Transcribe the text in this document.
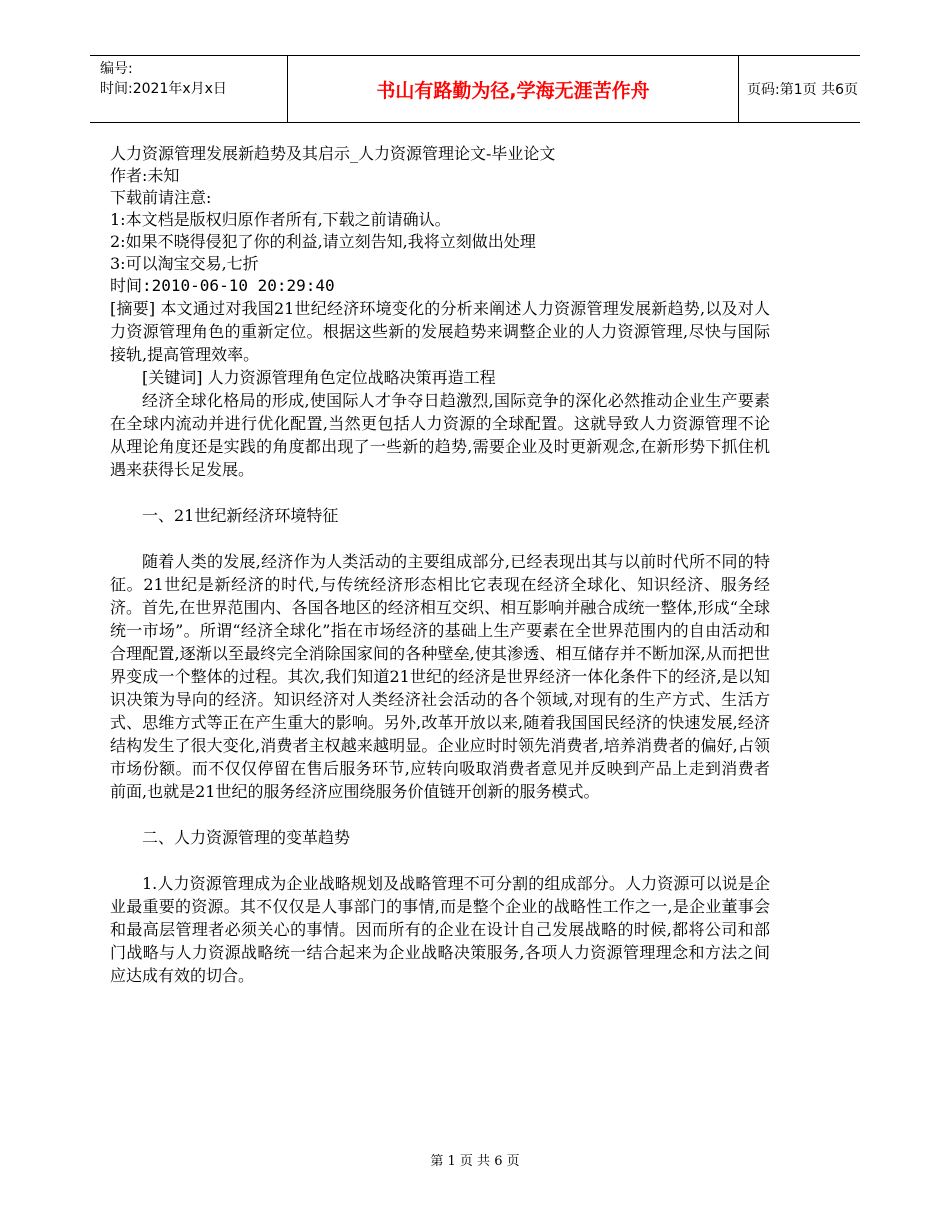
编号:
时间:2021年x月x日	书山有路勤为径,学海无涯苦作舟	页码:第1页 共6页
人力资源管理发展新趋势及其启示_人力资源管理论文-毕业论文
作者:未知
下载前请注意:
1:本文档是版权归原作者所有,下载之前请确认。
2:如果不晓得侵犯了你的利益,请立刻告知,我将立刻做出处理
3:可以淘宝交易,七折
时间:2010-06-10 20:29:40
[摘要] 本文通过对我国21世纪经济环境变化的分析来阐述人力资源管理发展新趋势,以及对人力资源管理角色的重新定位。根据这些新的发展趋势来调整企业的人力资源管理,尽快与国际接轨,提高管理效率。
[关键词] 人力资源管理角色定位战略决策再造工程
经济全球化格局的形成,使国际人才争夺日趋激烈,国际竞争的深化必然推动企业生产要素在全球内流动并进行优化配置,当然更包括人力资源的全球配置。这就导致人力资源管理不论从理论角度还是实践的角度都出现了一些新的趋势,需要企业及时更新观念,在新形势下抓住机遇来获得长足发展。
一、21世纪新经济环境特征
随着人类的发展,经济作为人类活动的主要组成部分,已经表现出其与以前时代所不同的特征。21世纪是新经济的时代,与传统经济形态相比它表现在经济全球化、知识经济、服务经济。首先,在世界范围内、各国各地区的经济相互交织、相互影响并融合成统一整体,形成“全球统一市场”。所谓“经济全球化”指在市场经济的基础上生产要素在全世界范围内的自由活动和合理配置,逐渐以至最终完全消除国家间的各种壁垒,使其渗透、相互储存并不断加深,从而把世界变成一个整体的过程。其次,我们知道21世纪的经济是世界经济一体化条件下的经济,是以知识决策为导向的经济。知识经济对人类经济社会活动的各个领域,对现有的生产方式、生活方式、思维方式等正在产生重大的影响。另外,改革开放以来,随着我国国民经济的快速发展,经济结构发生了很大变化,消费者主权越来越明显。企业应时时领先消费者,培养消费者的偏好,占领市场份额。而不仅仅停留在售后服务环节,应转向吸取消费者意见并反映到产品上走到消费者前面,也就是21世纪的服务经济应围绕服务价值链开创新的服务模式。
二、人力资源管理的变革趋势
1.人力资源管理成为企业战略规划及战略管理不可分割的组成部分。人力资源可以说是企业最重要的资源。其不仅仅是人事部门的事情,而是整个企业的战略性工作之一,是企业董事会和最高层管理者必须关心的事情。因而所有的企业在设计自己发展战略的时候,都将公司和部门战略与人力资源战略统一结合起来为企业战略决策服务,各项人力资源管理理念和方法之间应达成有效的切合。
第 1 页 共 6 页
